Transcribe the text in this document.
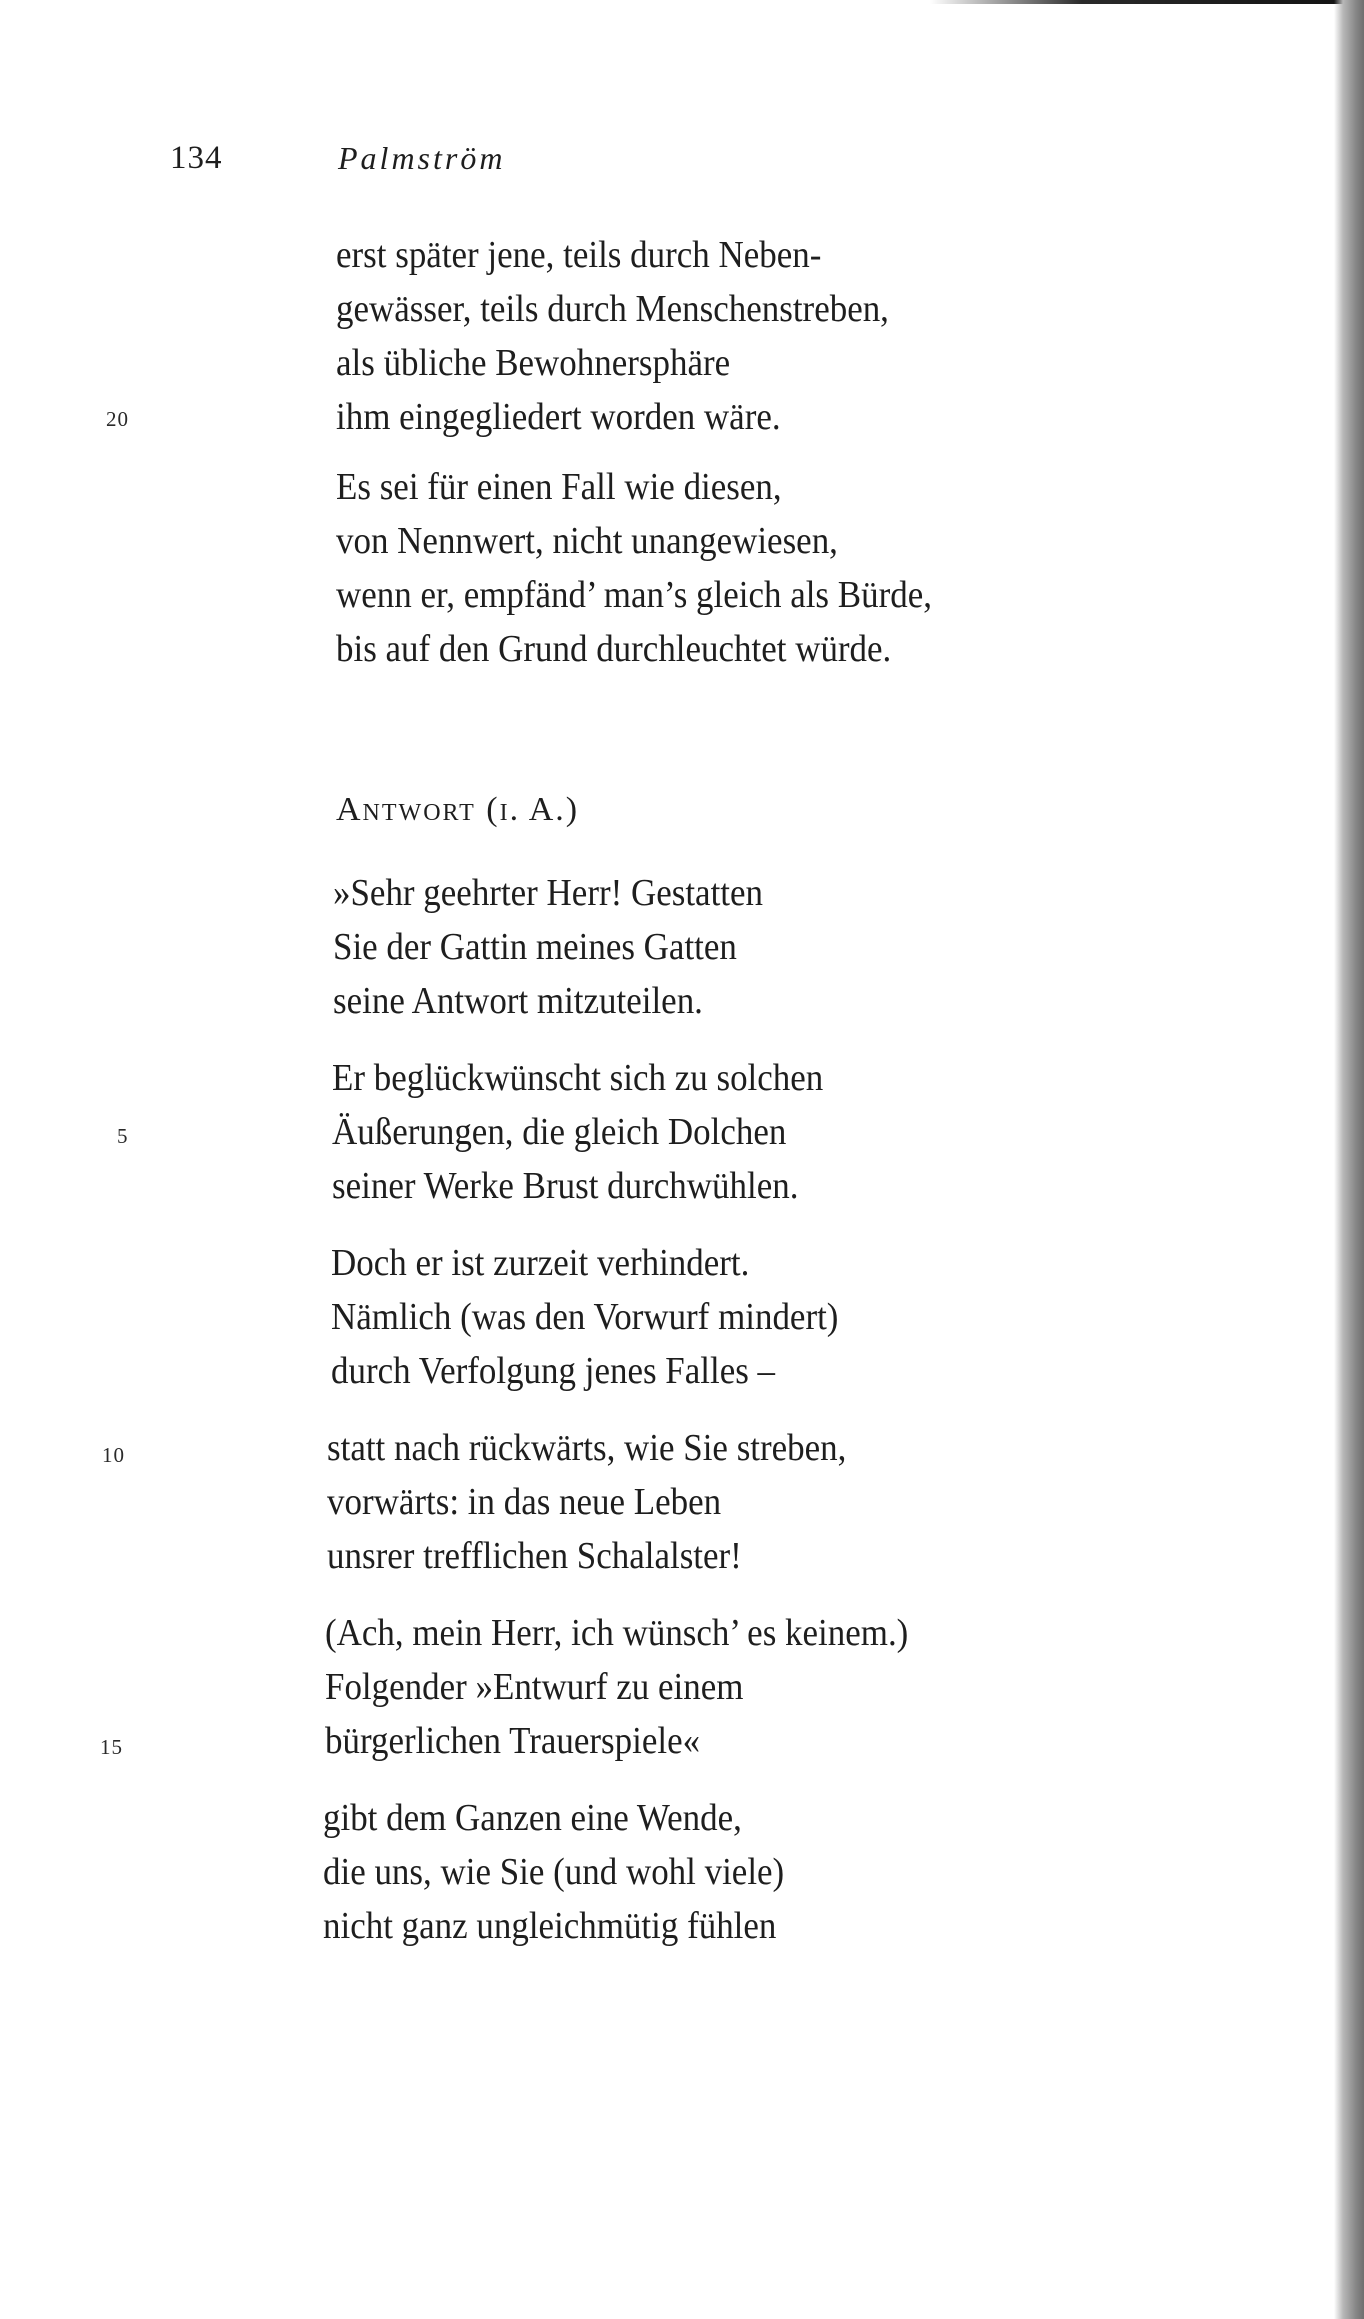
134	Palmström
erst später jene, teils durch Neben-
gewässer, teils durch Menschenstreben,
als übliche Bewohnersphäre
ihm eingegliedert worden wäre.
20
Es sei für einen Fall wie diesen,
von Nennwert, nicht unangewiesen,
wenn er, empfänd’ man’s gleich als Bürde,
bis auf den Grund durchleuchtet würde.
Antwort (i. A.)
»Sehr geehrter Herr! Gestatten
Sie der Gattin meines Gatten
seine Antwort mitzuteilen.
Er beglückwünscht sich zu solchen
Äußerungen, die gleich Dolchen
seiner Werke Brust durchwühlen.
5
Doch er ist zurzeit verhindert.
Nämlich (was den Vorwurf mindert)
durch Verfolgung jenes Falles –
statt nach rückwärts, wie Sie streben,
vorwärts: in das neue Leben
unsrer trefflichen Schalalster!
10
(Ach, mein Herr, ich wünsch’ es keinem.)
Folgender »Entwurf zu einem
bürgerlichen Trauerspiele«
15
gibt dem Ganzen eine Wende,
die uns, wie Sie (und wohl viele)
nicht ganz ungleichmütig fühlen
